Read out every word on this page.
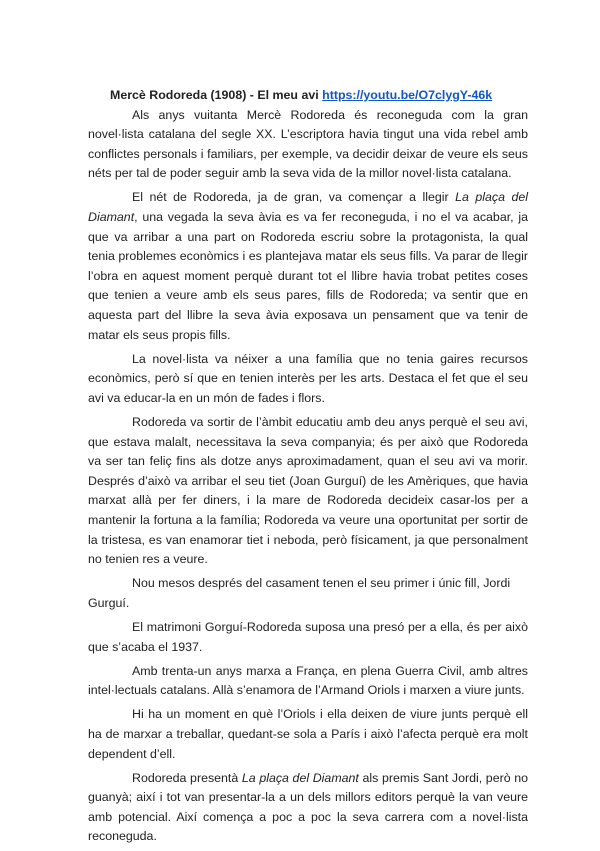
Mercè Rodoreda (1908) - El meu avi https://youtu.be/O7clygY-46k

Als anys vuitanta Mercè Rodoreda és reconeguda com la gran novel·lista catalana del segle XX. L’escriptora havia tingut una vida rebel amb conflictes personals i familiars, per exemple, va decidir deixar de veure els seus néts per tal de poder seguir amb la seva vida de la millor novel·lista catalana.

El nét de Rodoreda, ja de gran, va començar a llegir La plaça del Diamant, una vegada la seva àvia es va fer reconeguda, i no el va acabar, ja que va arribar a una part on Rodoreda escriu sobre la protagonista, la qual tenia problemes econòmics i es plantejava matar els seus fills. Va parar de llegir l’obra en aquest moment perquè durant tot el llibre havia trobat petites coses que tenien a veure amb els seus pares, fills de Rodoreda; va sentir que en aquesta part del llibre la seva àvia exposava un pensament que va tenir de matar els seus propis fills.

La novel·lista va néixer a una família que no tenia gaires recursos econòmics, però sí que en tenien interès per les arts. Destaca el fet que el seu avi va educar-la en un món de fades i flors.

Rodoreda va sortir de l’àmbit educatiu amb deu anys perquè el seu avi, que estava malalt, necessitava la seva companyia; és per això que Rodoreda va ser tan feliç fins als dotze anys aproximadament, quan el seu avi va morir. Després d’això va arribar el seu tiet (Joan Gurguí) de les Amèriques, que havia marxat allà per fer diners, i la mare de Rodoreda decideix casar-los per a mantenir la fortuna a la família; Rodoreda va veure una oportunitat per sortir de la tristesa, es van enamorar tiet i neboda, però físicament, ja que personalment no tenien res a veure.

Nou mesos després del casament tenen el seu primer i únic fill, Jordi Gurguí.

El matrimoni Gorguí-Rodoreda suposa una presó per a ella, és per això que s’acaba el 1937.

Amb trenta-un anys marxa a França, en plena Guerra Civil, amb altres intel·lectuals catalans. Allà s’enamora de l’Armand Oriols i marxen a viure junts.

Hi ha un moment en què l’Oriols i ella deixen de viure junts perquè ell ha de marxar a treballar, quedant-se sola a París i això l’afecta perquè era molt dependent d’ell.

Rodoreda presentà La plaça del Diamant als premis Sant Jordi, però no guanyà; així i tot van presentar-la a un dels millors editors perquè la van veure amb potencial. Així comença a poc a poc la seva carrera com a novel·lista reconeguda.
